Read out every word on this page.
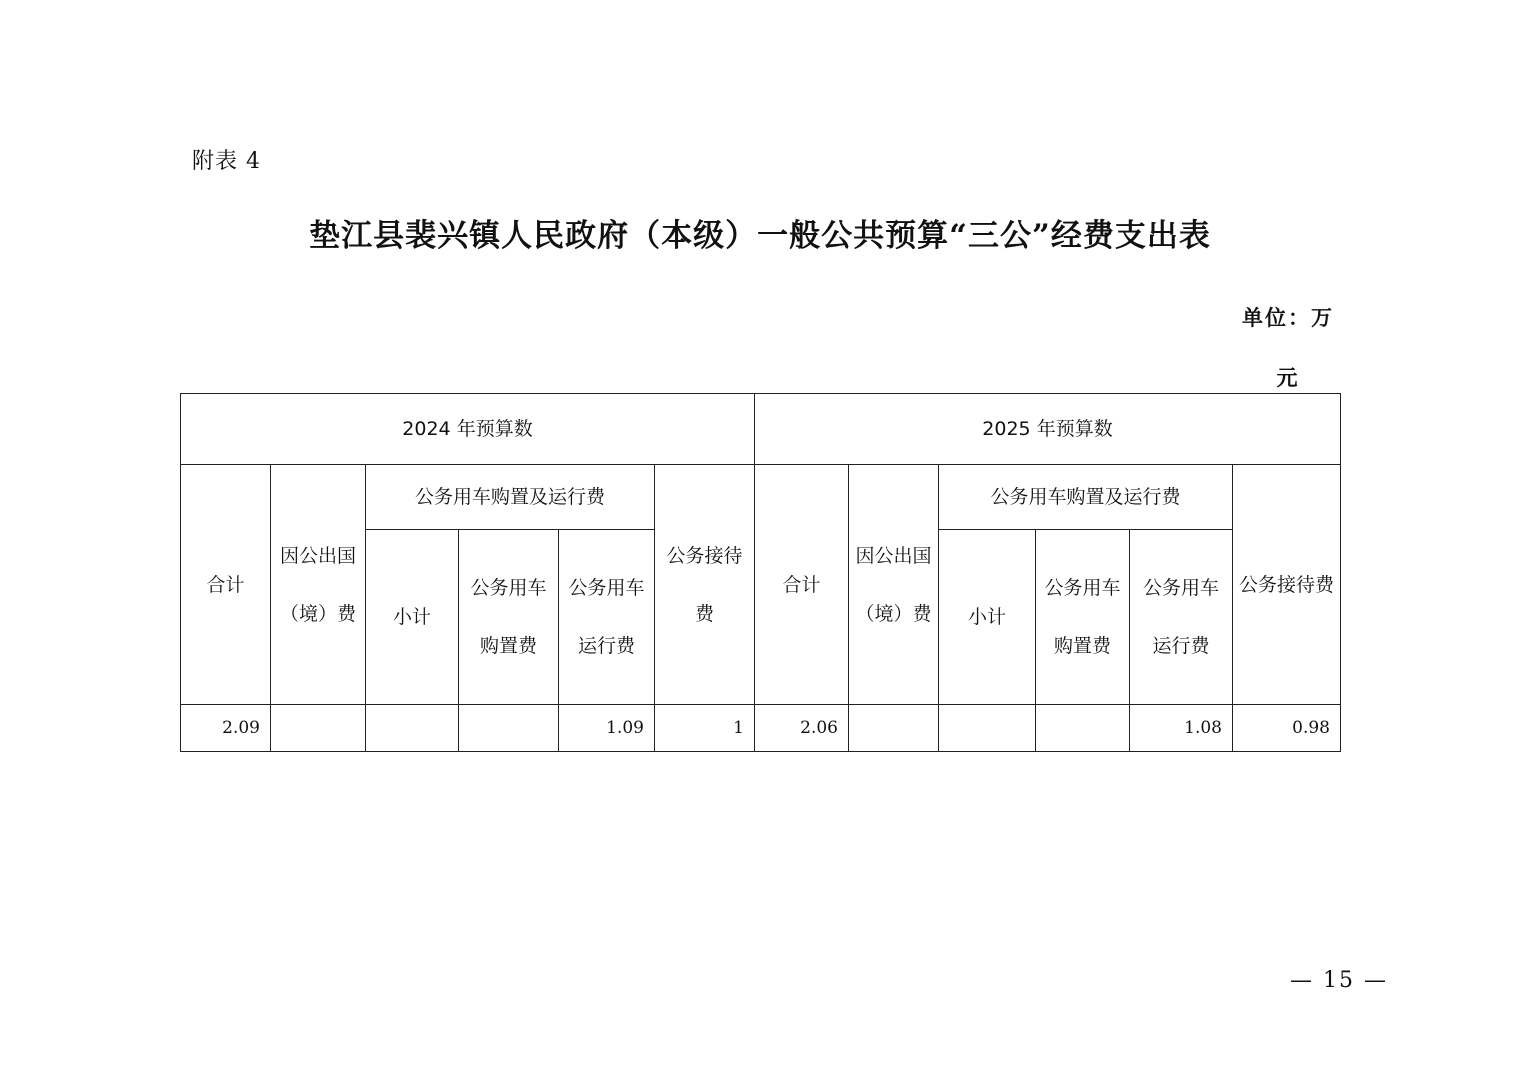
附表 4
垫江县裴兴镇人民政府（本级）一般公共预算“三公”经费支出表
单位：万元
2024 年预算数						2025 年预算数					
合计	因公出国（境）费	公务用车购置及运行费			公务接待费	合计	因公出国（境）费	公务用车购置及运行费			公务接待费
		小计	公务用车购置费	公务用车运行费				小计	公务用车购置费	公务用车运行费	
2.09				1.09	1	2.06				1.08	0.98
— 15 —
